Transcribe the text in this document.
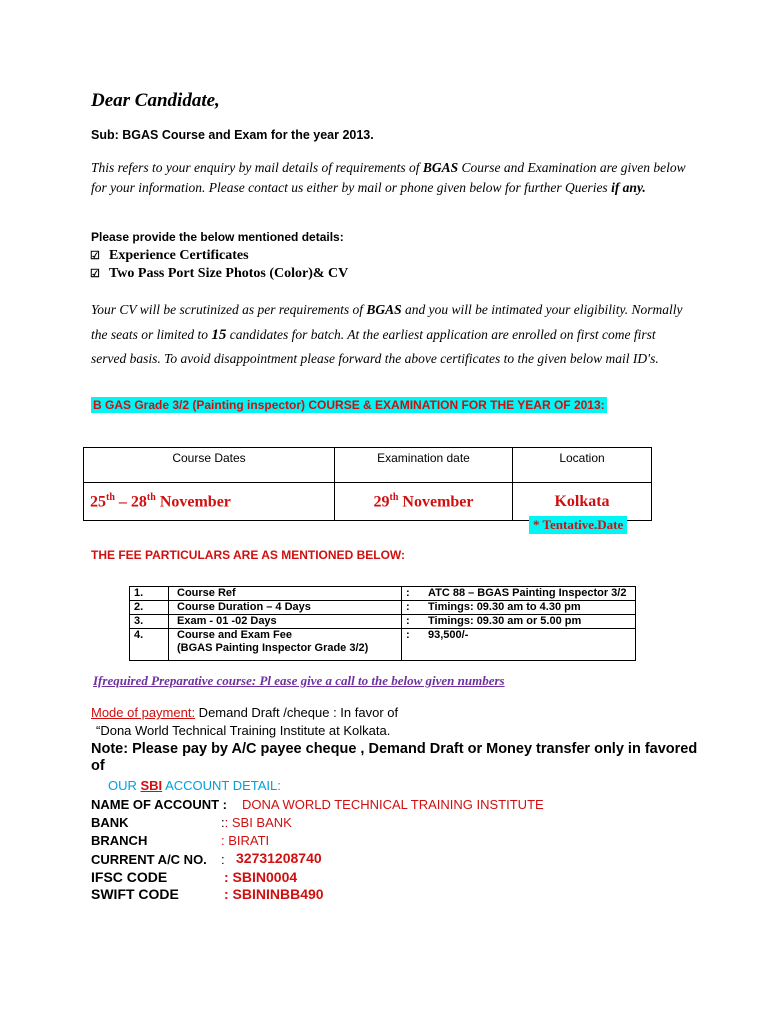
Dear Candidate,
Sub: BGAS Course and Exam for the year 2013.
This refers to your enquiry by mail details of requirements of BGAS Course and Examination are given below for your information. Please contact us either by mail or phone given below for further Queries if any.
Please provide the below mentioned details:
☑ Experience Certificates
☑ Two Pass Port Size Photos (Color)& CV
Your CV will be scrutinized as per requirements of BGAS and you will be intimated your eligibility. Normally the seats or limited to 15 candidates for batch. At the earliest application are enrolled on first come first served basis. To avoid disappointment please forward the above certificates to the given below mail ID's.
B GAS Grade 3/2 (Painting inspector) COURSE & EXAMINATION FOR THE YEAR OF 2013:
Course Dates	Examination date	Location
25th – 28th November	29th November	Kolkata
* Tentative.Date
THE FEE PARTICULARS ARE AS MENTIONED BELOW:
1.	Course Ref	:	ATC 88 – BGAS Painting Inspector 3/2
2.	Course Duration – 4 Days	:	Timings: 09.30 am to 4.30 pm
3.	Exam - 01 -02 Days	:	Timings: 09.30 am or 5.00 pm
4.	Course and Exam Fee
(BGAS Painting Inspector Grade 3/2)	:	93,500/-
Ifrequired Preparative course: Pl ease give a call to the below given numbers
Mode of payment: Demand Draft /cheque : In favor of
“Dona World Technical Training Institute at Kolkata.
Note: Please pay by A/C payee cheque , Demand Draft or Money transfer only in favored of
OUR SBI ACCOUNT DETAIL:
NAME OF ACCOUNT : DONA WORLD TECHNICAL TRAINING INSTITUTE
BANK	:: SBI BANK
BRANCH	: BIRATI
CURRENT A/C NO. : 32731208740
IFSC CODE	: SBIN0004
SWIFT CODE	: SBININBB490
